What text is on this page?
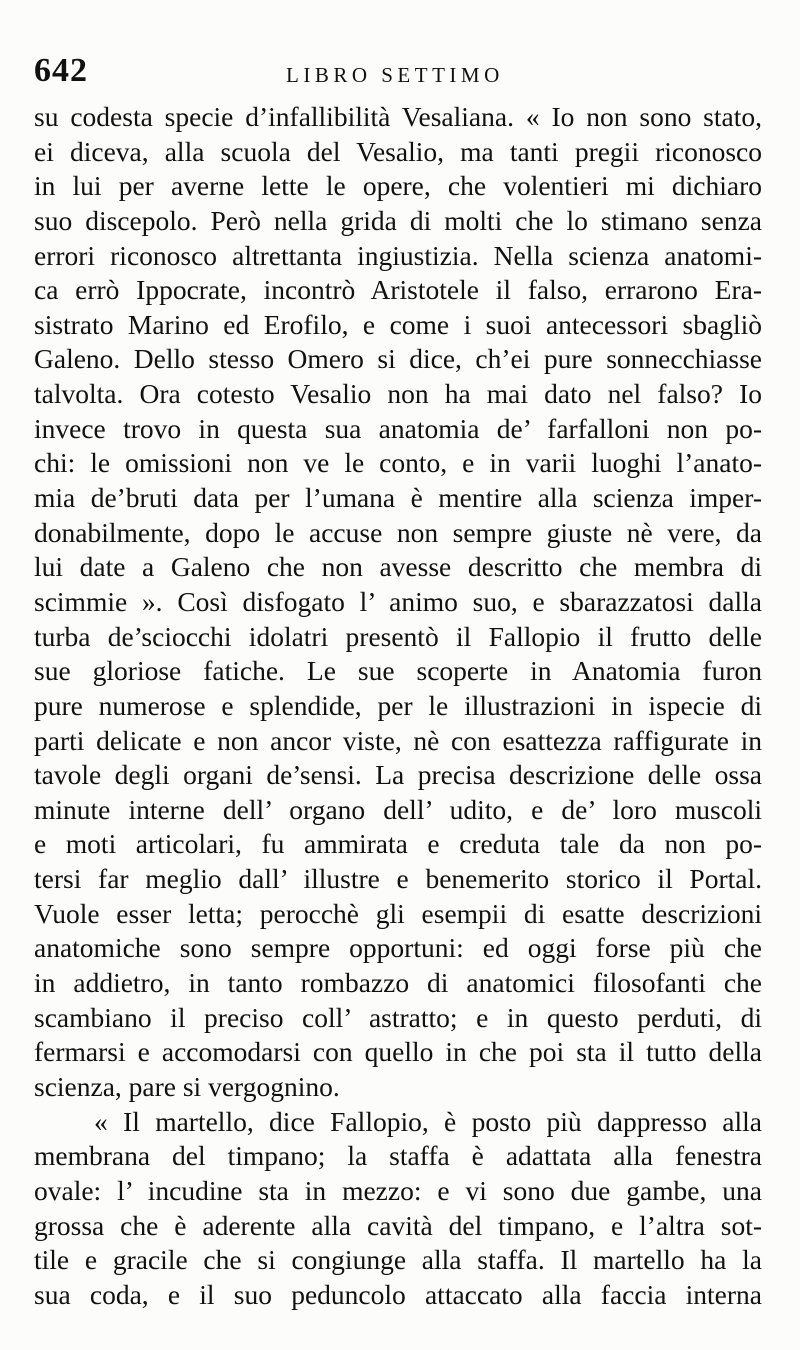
642	LIBRO SETTIMO
su codesta specie d’infallibilità Vesaliana. « Io non sono stato,
ei diceva, alla scuola del Vesalio, ma tanti pregii riconosco
in lui per averne lette le opere, che volentieri mi dichiaro
suo discepolo. Però nella grida di molti che lo stimano senza
errori riconosco altrettanta ingiustizia. Nella scienza anatomi-
ca errò Ippocrate, incontrò Aristotele il falso, errarono Era-
sistrato Marino ed Erofilo, e come i suoi antecessori sbagliò
Galeno. Dello stesso Omero si dice, ch’ei pure sonnecchiasse
talvolta. Ora cotesto Vesalio non ha mai dato nel falso? Io
invece trovo in questa sua anatomia de’ farfalloni non po-
chi: le omissioni non ve le conto, e in varii luoghi l’anato-
mia de’bruti data per l’umana è mentire alla scienza imper-
donabilmente, dopo le accuse non sempre giuste nè vere, da
lui date a Galeno che non avesse descritto che membra di
scimmie ». Così disfogato l’ animo suo, e sbarazzatosi dalla
turba de’sciocchi idolatri presentò il Fallopio il frutto delle
sue gloriose fatiche. Le sue scoperte in Anatomia furon
pure numerose e splendide, per le illustrazioni in ispecie di
parti delicate e non ancor viste, nè con esattezza raffigurate in
tavole degli organi de’sensi. La precisa descrizione delle ossa
minute interne dell’ organo dell’ udito, e de’ loro muscoli
e moti articolari, fu ammirata e creduta tale da non po-
tersi far meglio dall’ illustre e benemerito storico il Portal.
Vuole esser letta; perocchè gli esempii di esatte descrizioni
anatomiche sono sempre opportuni: ed oggi forse più che
in addietro, in tanto rombazzo di anatomici filosofanti che
scambiano il preciso coll’ astratto; e in questo perduti, di
fermarsi e accomodarsi con quello in che poi sta il tutto della
scienza, pare si vergognino.
« Il martello, dice Fallopio, è posto più dappresso alla
membrana del timpano; la staffa è adattata alla fenestra
ovale: l’ incudine sta in mezzo: e vi sono due gambe, una
grossa che è aderente alla cavità del timpano, e l’altra sot-
tile e gracile che si congiunge alla staffa. Il martello ha la
sua coda, e il suo peduncolo attaccato alla faccia interna
